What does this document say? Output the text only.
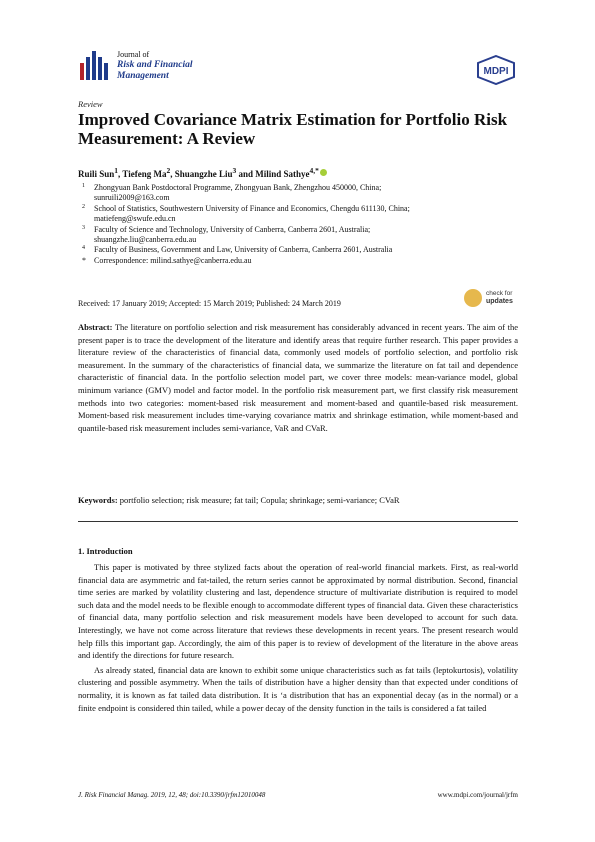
Journal of
Risk and Financial
Management	MDPI
Review
Improved Covariance Matrix Estimation for Portfolio Risk Measurement: A Review
Ruili Sun$^1$, Tiefeng Ma$^2$, Shuangzhe Liu$^3$ and Milind Sathye$^{4,*}$
1 Zhongyuan Bank Postdoctoral Programme, Zhongyuan Bank, Zhengzhou 450000, China;
sunruili2009@163.com
2 School of Statistics, Southwestern University of Finance and Economics, Chengdu 611130, China;
matiefeng@swufe.edu.cn
3 Faculty of Science and Technology, University of Canberra, Canberra 2601, Australia;
shuangzhe.liu@canberra.edu.au
4 Faculty of Business, Government and Law, University of Canberra, Canberra 2601, Australia
* Correspondence: milind.sathye@canberra.edu.au
Received: 17 January 2019; Accepted: 15 March 2019; Published: 24 March 2019
check for
updates
Abstract: The literature on portfolio selection and risk measurement has considerably advanced in recent years. The aim of the present paper is to trace the development of the literature and identify areas that require further research. This paper provides a literature review of the characteristics of financial data, commonly used models of portfolio selection, and portfolio risk measurement. In the summary of the characteristics of financial data, we summarize the literature on fat tail and dependence characteristic of financial data. In the portfolio selection model part, we cover three models: mean-variance model, global minimum variance (GMV) model and factor model. In the portfolio risk measurement part, we first classify risk measurement methods into two categories: moment-based risk measurement and moment-based and quantile-based risk measurement. Moment-based risk measurement includes time-varying covariance matrix and shrinkage estimation, while moment-based and quantile-based risk measurement includes semi-variance, VaR and CVaR.
Keywords: portfolio selection; risk measure; fat tail; Copula; shrinkage; semi-variance; CVaR
1. Introduction

This paper is motivated by three stylized facts about the operation of real-world financial markets. First, as real-world financial data are asymmetric and fat-tailed, the return series cannot be approximated by normal distribution. Second, financial time series are marked by volatility clustering and last, dependence structure of multivariate distribution is required to model such data and the model needs to be flexible enough to accommodate different types of financial data. Given these characteristics of financial data, many portfolio selection and risk measurement models have been developed to account for such data. Interestingly, we have not come across literature that reviews these developments in recent years. The present research would help fills this important gap. Accordingly, the aim of this paper is to review of development of the literature in the above areas and identify the directions for future research.

As already stated, financial data are known to exhibit some unique characteristics such as fat tails (leptokurtosis), volatility clustering and possible asymmetry. When the tails of distribution have a higher density than that expected under conditions of normality, it is known as fat tailed data distribution. It is ‘a distribution that has an exponential decay (as in the normal) or a finite endpoint is considered thin tailed, while a power decay of the density function in the tails is considered a fat tailed

J. Risk Financial Manag. 2019, 12, 48; doi:10.3390/jrfm12010048	www.mdpi.com/journal/jrfm
